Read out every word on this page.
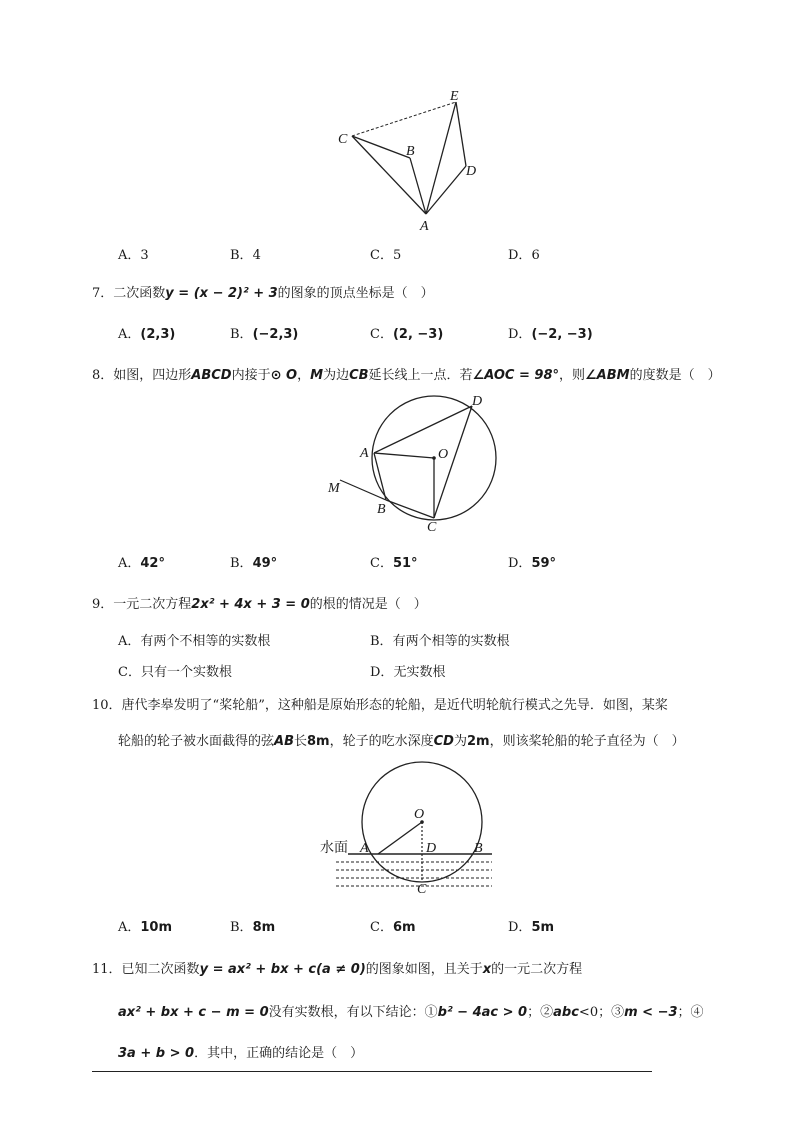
C
B
E
D
A
A．3	B．4	C．5	D．6
7．二次函数y = (x − 2)² + 3的图象的顶点坐标是（　）
A．(2,3)	B．(−2,3)	C．(2, −3)	D．(−2, −3)
8．如图，四边形ABCD内接于⊙ O，M为边CB延长线上一点．若∠AOC = 98°，则∠ABM的度数是（　）
D
A	O
M
B
C
A．42°	B．49°	C．51°	D．59°
9．一元二次方程2x² + 4x + 3 = 0的根的情况是（　）
A．有两个不相等的实数根	B．有两个相等的实数根
C．只有一个实数根	D．无实数根
10．唐代李皋发明了“桨轮船”，这种船是原始形态的轮船，是近代明轮航行模式之先导．如图，某桨
轮船的轮子被水面截得的弦AB长8m，轮子的吃水深度CD为2m，则该桨轮船的轮子直径为（　）
水面
O
A	D	B
C
A．10m	B．8m	C．6m	D．5m
11．已知二次函数y = ax² + bx + c(a ≠ 0)的图象如图，且关于x的一元二次方程
ax² + bx + c − m = 0没有实数根，有以下结论：①b² − 4ac > 0；②abc<0；③m < −3；④
3a + b > 0．其中，正确的结论是（　）
